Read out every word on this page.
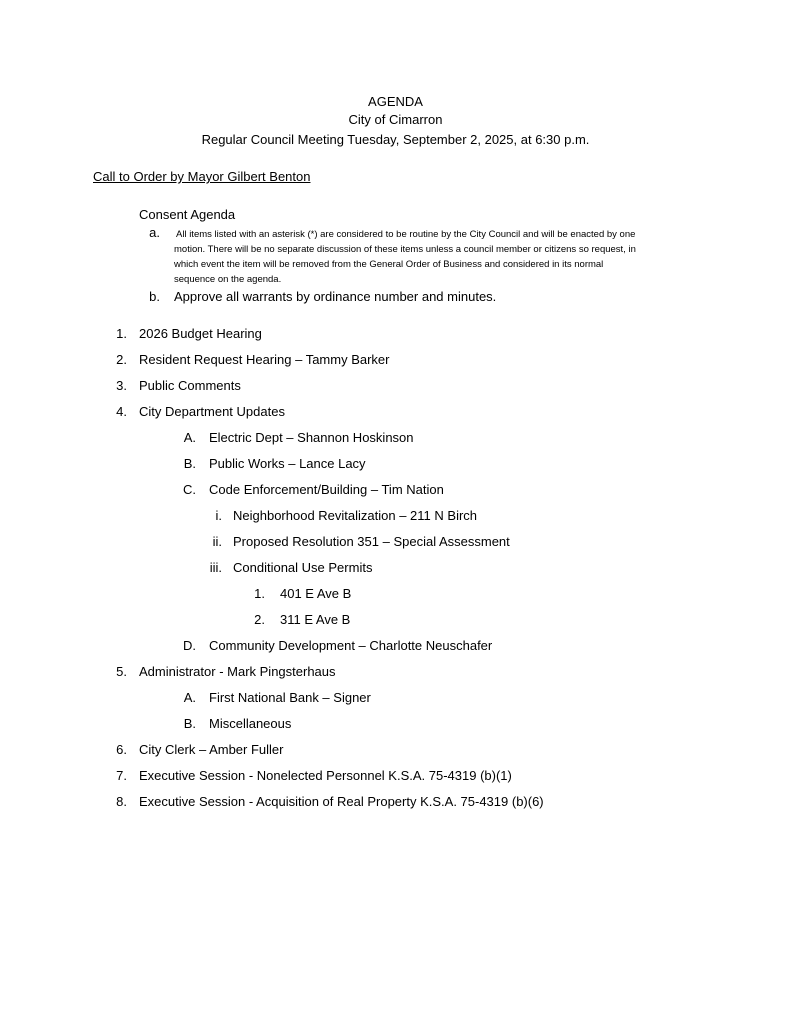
AGENDA
City of Cimarron
Regular Council Meeting Tuesday, September 2, 2025, at 6:30 p.m.
Call to Order by Mayor Gilbert Benton
Consent Agenda
a. All items listed with an asterisk (*) are considered to be routine by the City Council and will be enacted by one
motion. There will be no separate discussion of these items unless a council member or citizens so request, in
which event the item will be removed from the General Order of Business and considered in its normal
sequence on the agenda.
b. Approve all warrants by ordinance number and minutes.
1. 2026 Budget Hearing
2. Resident Request Hearing – Tammy Barker
3. Public Comments
4. City Department Updates
A. Electric Dept – Shannon Hoskinson
B. Public Works – Lance Lacy
C. Code Enforcement/Building – Tim Nation
i. Neighborhood Revitalization – 211 N Birch
ii. Proposed Resolution 351 – Special Assessment
iii. Conditional Use Permits
1. 401 E Ave B
2. 311 E Ave B
D. Community Development – Charlotte Neuschafer
5. Administrator - Mark Pingsterhaus
A. First National Bank – Signer
B. Miscellaneous
6. City Clerk – Amber Fuller
7. Executive Session - Nonelected Personnel K.S.A. 75-4319 (b)(1)
8. Executive Session - Acquisition of Real Property K.S.A. 75-4319 (b)(6)
